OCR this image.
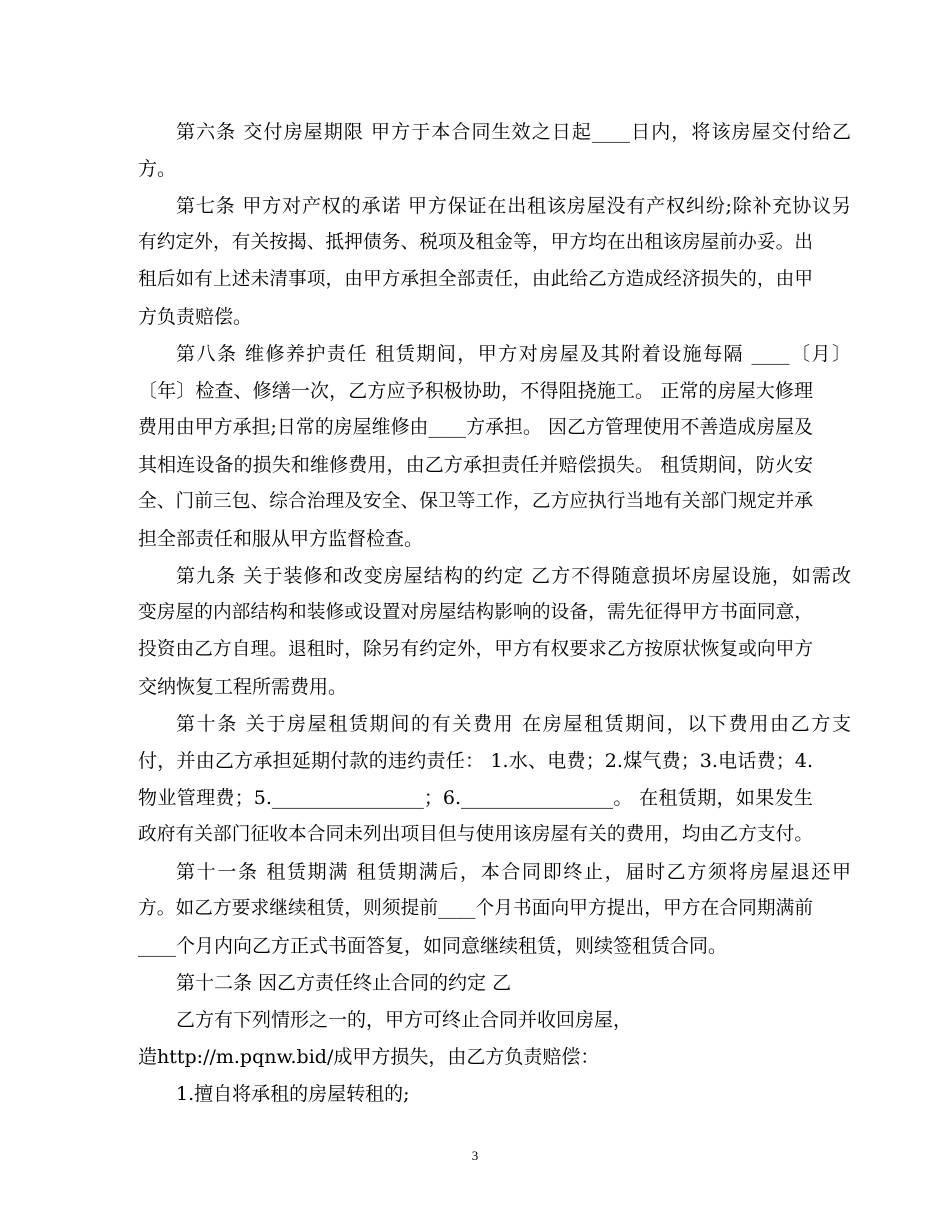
第六条 交付房屋期限 甲方于本合同生效之日起____日内，将该房屋交付给乙
方。
第七条 甲方对产权的承诺 甲方保证在出租该房屋没有产权纠纷;除补充协议另
有约定外，有关按揭、抵押债务、税项及租金等，甲方均在出租该房屋前办妥。出
租后如有上述未清事项，由甲方承担全部责任，由此给乙方造成经济损失的，由甲
方负责赔偿。
第八条 维修养护责任 租赁期间，甲方对房屋及其附着设施每隔 ____〔月〕
〔年〕检查、修缮一次，乙方应予积极协助，不得阻挠施工。 正常的房屋大修理
费用由甲方承担;日常的房屋维修由____方承担。 因乙方管理使用不善造成房屋及
其相连设备的损失和维修费用，由乙方承担责任并赔偿损失。 租赁期间，防火安
全、门前三包、综合治理及安全、保卫等工作，乙方应执行当地有关部门规定并承
担全部责任和服从甲方监督检查。
第九条 关于装修和改变房屋结构的约定 乙方不得随意损坏房屋设施，如需改
变房屋的内部结构和装修或设置对房屋结构影响的设备，需先征得甲方书面同意，
投资由乙方自理。退租时，除另有约定外，甲方有权要求乙方按原状恢复或向甲方
交纳恢复工程所需费用。
第十条 关于房屋租赁期间的有关费用 在房屋租赁期间，以下费用由乙方支
付，并由乙方承担延期付款的违约责任： 1.水、电费；2.煤气费；3.电话费；4.
物业管理费；5.________________；6.________________。 在租赁期，如果发生
政府有关部门征收本合同未列出项目但与使用该房屋有关的费用，均由乙方支付。
第十一条 租赁期满 租赁期满后，本合同即终止，届时乙方须将房屋退还甲
方。如乙方要求继续租赁，则须提前____个月书面向甲方提出，甲方在合同期满前
____个月内向乙方正式书面答复，如同意继续租赁，则续签租赁合同。
第十二条 因乙方责任终止合同的约定 乙
乙方有下列情形之一的，甲方可终止合同并收回房屋，
造http://m.pqnw.bid/成甲方损失，由乙方负责赔偿：
1.擅自将承租的房屋转租的;
3
